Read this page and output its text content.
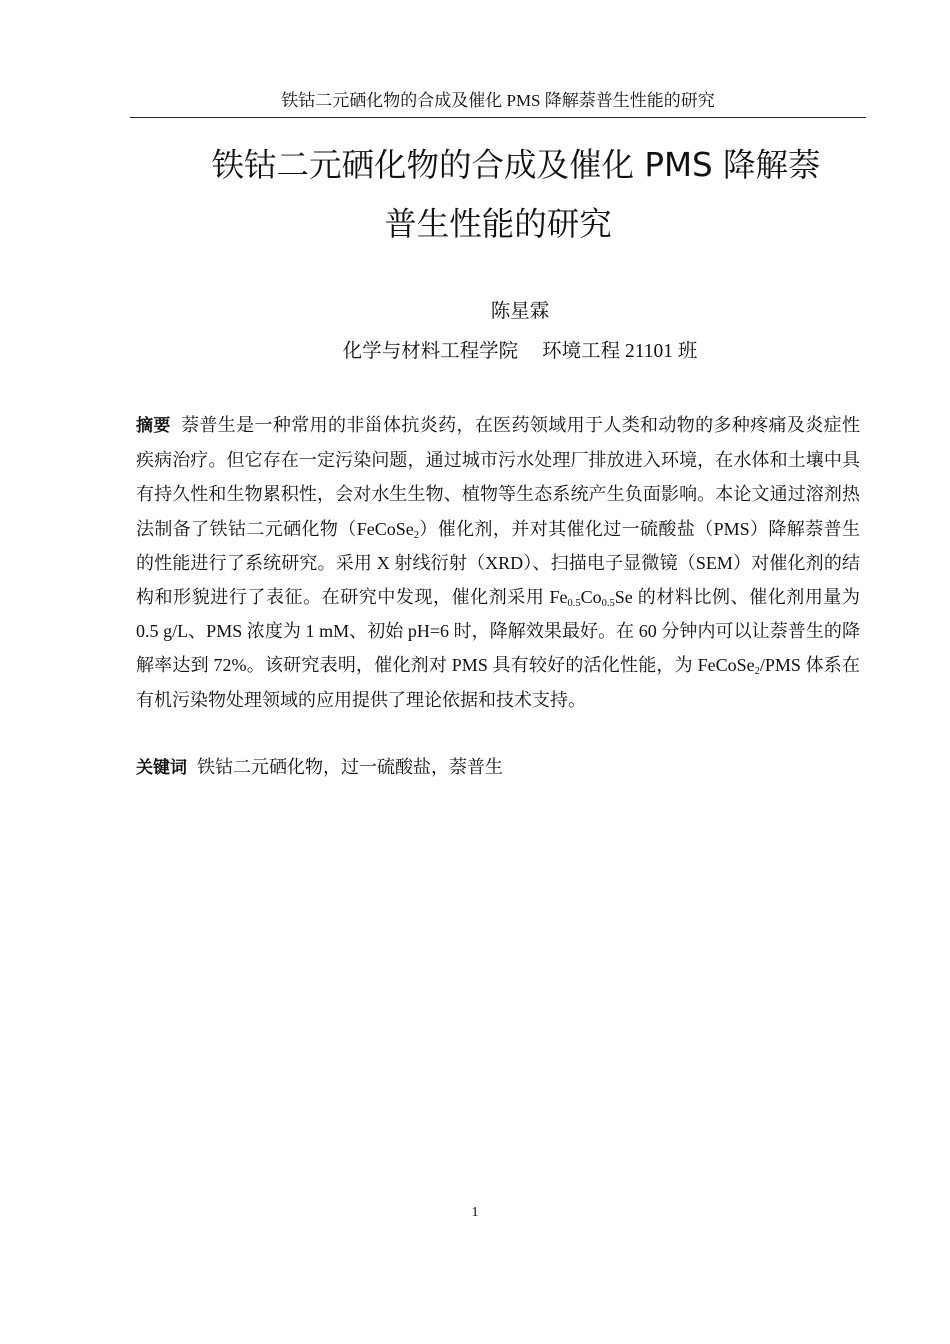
铁钴二元硒化物的合成及催化 PMS 降解萘普生性能的研究
铁钴二元硒化物的合成及催化 PMS 降解萘
普生性能的研究
陈星霖
化学与材料工程学院 环境工程 21101 班

摘要 萘普生是一种常用的非甾体抗炎药，在医药领域用于人类和动物的多种疼痛及炎症性疾病治疗。但它存在一定污染问题，通过城市污水处理厂排放进入环境，在水体和土壤中具有持久性和生物累积性，会对水生生物、植物等生态系统产生负面影响。本论文通过溶剂热法制备了铁钴二元硒化物（FeCoSe$_2$）催化剂，并对其催化过一硫酸盐（PMS）降解萘普生的性能进行了系统研究。采用 X 射线衍射（XRD）、扫描电子显微镜（SEM）对催化剂的结构和形貌进行了表征。在研究中发现，催化剂采用 $Fe_{0.5}Co_{0.5}Se$ 的材料比例、催化剂用量为 0.5 g/L、PMS 浓度为 1 mM、初始 pH=6 时，降解效果最好。在 60 分钟内可以让萘普生的降解率达到 72%。该研究表明，催化剂对 PMS 具有较好的活化性能，为 FeCoSe$_2$/PMS 体系在有机污染物处理领域的应用提供了理论依据和技术支持。

关键词 铁钴二元硒化物，过一硫酸盐，萘普生
1
